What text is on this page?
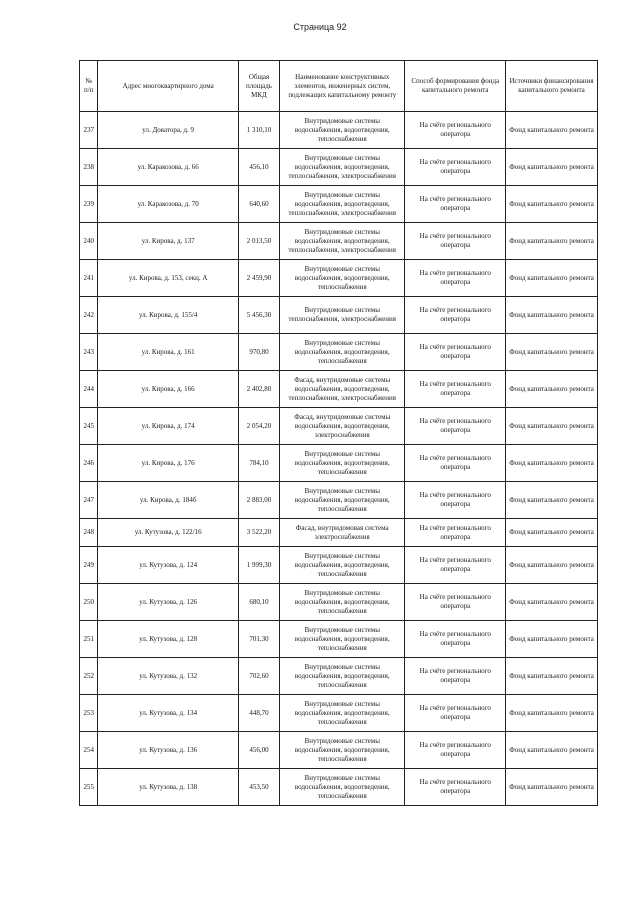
Страница 92
№ п/п	Адрес многоквартирного дома	Общая площадь МКД	Наименование конструктивных элементов, инженерных систем, подлежащих капитальному ремонту	Способ формирования фонда капитального ремонта	Источники финансирования капитального ремонта
237	ул. Доватора, д. 9	1 310,10	Внутридомовые системы водоснабжения, водоотведения, теплоснабжения	На счёте регионального оператора	Фонд капитального ремонта
238	ул. Каракозова, д. 66	456,10	Внутридомовые системы водоснабжения, водоотведения, теплоснабжения, электроснабжения	На счёте регионального оператора	Фонд капитального ремонта
239	ул. Каракозова, д. 70	640,60	Внутридомовые системы водоснабжения, водоотведения, теплоснабжения, электроснабжения	На счёте регионального оператора	Фонд капитального ремонта
240	ул. Кирова, д. 137	2 013,50	Внутридомовые системы водоснабжения, водоотведения, теплоснабжения, электроснабжения	На счёте регионального оператора	Фонд капитального ремонта
241	ул. Кирова, д. 153, секц. А	2 459,90	Внутридомовые системы водоснабжения, водоотведения, теплоснабжения	На счёте регионального оператора	Фонд капитального ремонта
242	ул. Кирова, д. 155/4	5 456,30	Внутридомовые системы теплоснабжения, электроснабжения	На счёте регионального оператора	Фонд капитального ремонта
243	ул. Кирова, д. 161	970,80	Внутридомовые системы водоснабжения, водоотведения, теплоснабжения	На счёте регионального оператора	Фонд капитального ремонта
244	ул. Кирова, д. 166	2 402,80	Фасад, внутридомовые системы водоснабжения, водоотведения, теплоснабжения, электроснабжения	На счёте регионального оператора	Фонд капитального ремонта
245	ул. Кирова, д. 174	2 054,20	Фасад, внутридомовые системы водоснабжения, водоотведения, электроснабжения	На счёте регионального оператора	Фонд капитального ремонта
246	ул. Кирова, д. 176	784,10	Внутридомовые системы водоснабжения, водоотведения, теплоснабжения	На счёте регионального оператора	Фонд капитального ремонта
247	ул. Кирова, д. 184б	2 883,00	Внутридомовые системы водоснабжения, водоотведения, теплоснабжения	На счёте регионального оператора	Фонд капитального ремонта
248	ул. Кутузова, д. 122/16	3 522,20	Фасад, внутридомовая система электроснабжения	На счёте регионального оператора	Фонд капитального ремонта
249	ул. Кутузова, д. 124	1 999,30	Внутридомовые системы водоснабжения, водоотведения, теплоснабжения	На счёте регионального оператора	Фонд капитального ремонта
250	ул. Кутузова, д. 126	680,10	Внутридомовые системы водоснабжения, водоотведения, теплоснабжения	На счёте регионального оператора	Фонд капитального ремонта
251	ул. Кутузова, д. 128	701,30	Внутридомовые системы водоснабжения, водоотведения, теплоснабжения	На счёте регионального оператора	Фонд капитального ремонта
252	ул. Кутузова, д. 132	702,60	Внутридомовые системы водоснабжения, водоотведения, теплоснабжения	На счёте регионального оператора	Фонд капитального ремонта
253	ул. Кутузова, д. 134	448,70	Внутридомовые системы водоснабжения, водоотведения, теплоснабжения	На счёте регионального оператора	Фонд капитального ремонта
254	ул. Кутузова, д. 136	456,00	Внутридомовые системы водоснабжения, водоотведения, теплоснабжения	На счёте регионального оператора	Фонд капитального ремонта
255	ул. Кутузова, д. 138	453,50	Внутридомовые системы водоснабжения, водоотведения, теплоснабжения	На счёте регионального оператора	Фонд капитального ремонта
